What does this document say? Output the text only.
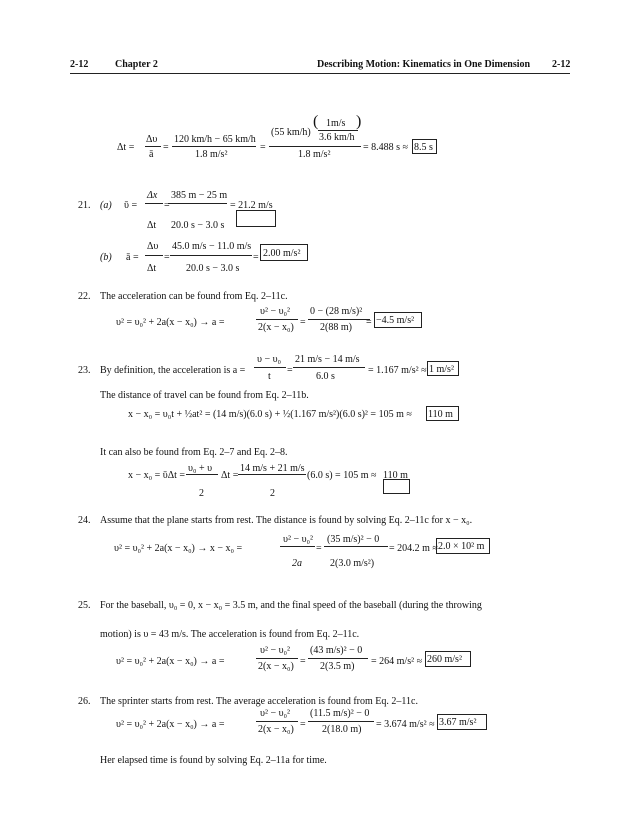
2-12	Chapter 2	Describing Motion: Kinematics in One Dimension 2-12
Δt =
Δυ
ā
=
120 km/h − 65 km/h
1.8 m/s²
=
(55 km/h)
( 1m/s
3.6 km/h
)
1.8 m/s²
= 8.488 s ≈ 8.5 s
21. (a) ῡ =
Δx
Δt
=
385 m − 25 m
20.0 s − 3.0 s
= 21.2 m/s
(b) ā =
Δυ
Δt
=
45.0 m/s − 11.0 m/s
20.0 s − 3.0 s
= 2.00 m/s²
22. The acceleration can be found from Eq. 2–11c.
υ² = υ₀² + 2a(x − x₀) → a =
υ² − υ₀²
2(x − x₀) =
0 − (28 m/s)²
2(88 m) = −4.5 m/s²
23. By definition, the acceleration is a =
υ − υ₀
t
=
21 m/s − 14 m/s
6.0 s
= 1.167 m/s² ≈ 1 m/s²
The distance of travel can be found from Eq. 2–11b.
x − x₀ = υ₀t + ½at² = (14 m/s)(6.0 s) + ½(1.167 m/s²)(6.0 s)² = 105 m ≈ 110 m
It can also be found from Eq. 2–7 and Eq. 2–8.
x − x₀ = ῡΔt =
υ₀ + υ
2
Δt =
14 m/s + 21 m/s
2
(6.0 s) = 105 m ≈ 110 m
24. Assume that the plane starts from rest. The distance is found by solving Eq. 2–11c for x − x₀.
υ² = υ₀² + 2a(x − x₀) → x − x₀ =
υ² − υ₀²
2a
=
(35 m/s)² − 0
2(3.0 m/s²)
= 204.2 m ≈ 2.0 × 10² m
25. For the baseball, υ₀ = 0, x − x₀ = 3.5 m, and the final speed of the baseball (during the throwing
motion) is υ = 43 m/s. The acceleration is found from Eq. 2–11c.
υ² = υ₀² + 2a(x − x₀) → a =
υ² − υ₀²
2(x − x₀) =
(43 m/s)² − 0
2(3.5 m) = 264 m/s² ≈ 260 m/s²
26. The sprinter starts from rest. The average acceleration is found from Eq. 2–11c.
υ² = υ₀² + 2a(x − x₀) → a =
υ² − υ₀²
2(x − x₀) =
(11.5 m/s)² − 0
2(18.0 m) = 3.674 m/s² ≈ 3.67 m/s²
Her elapsed time is found by solving Eq. 2–11a for time.
